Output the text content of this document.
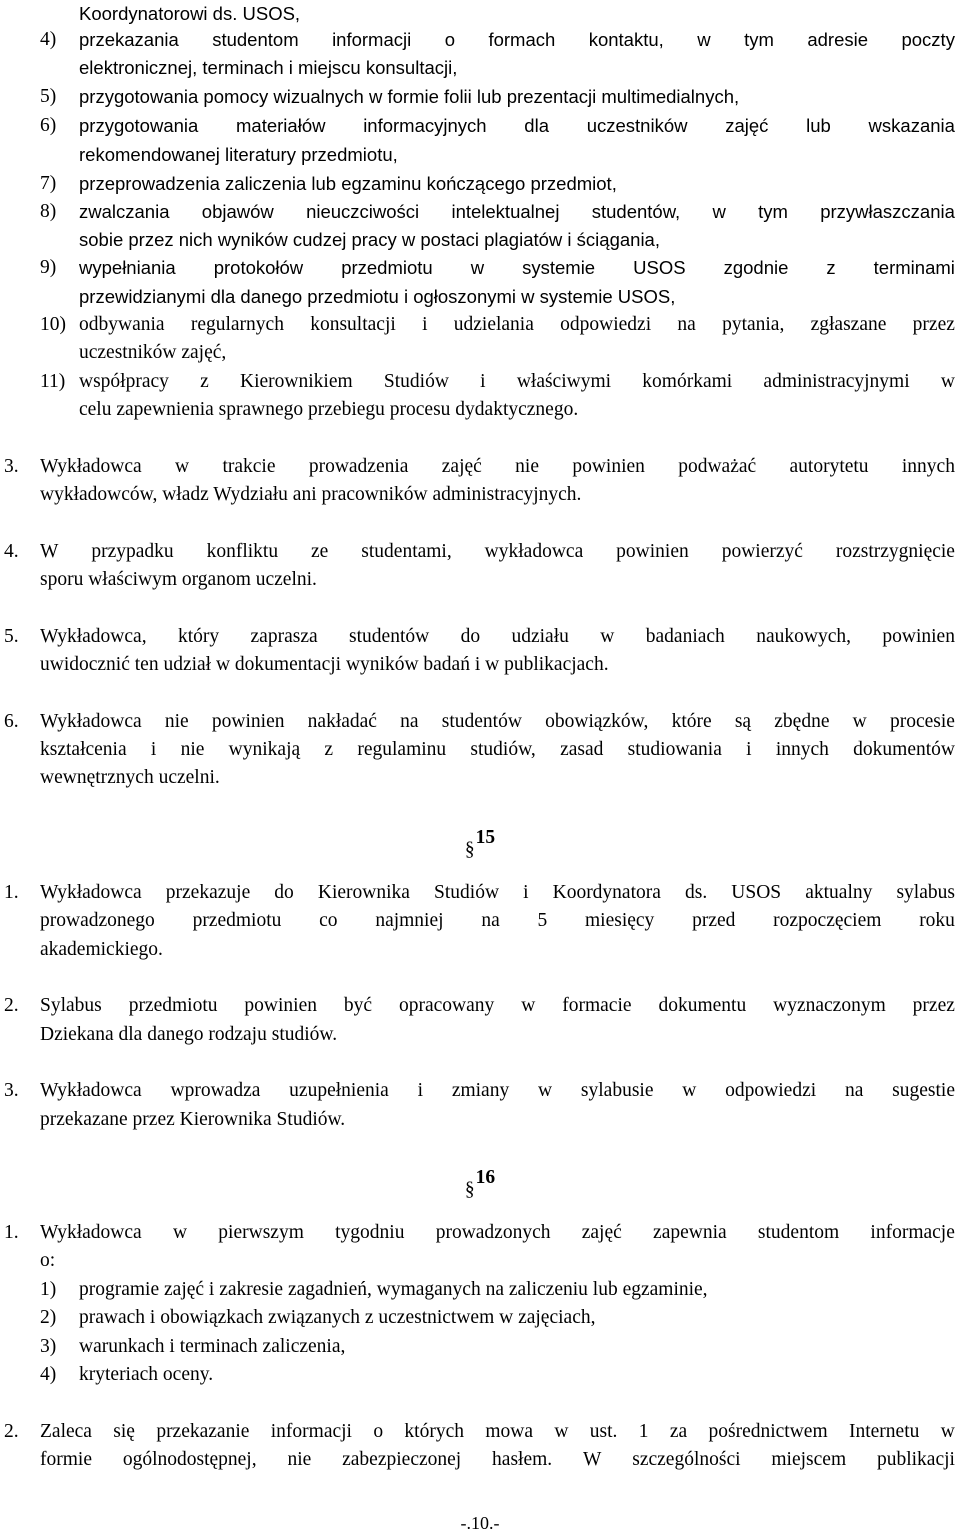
Koordynatorowi ds. USOS,
4) przekazania studentom informacji o formach kontaktu, w tym adresie poczty
elektronicznej, terminach i miejscu konsultacji,
5) przygotowania pomocy wizualnych w formie folii lub prezentacji multimedialnych,
6) przygotowania materiałów informacyjnych dla uczestników zajęć lub wskazania
rekomendowanej literatury przedmiotu,
7) przeprowadzenia zaliczenia lub egzaminu kończącego przedmiot,
8) zwalczania objawów nieuczciwości intelektualnej studentów, w tym przywłaszczania
sobie przez nich wyników cudzej pracy w postaci plagiatów i ściągania,
9) wypełniania protokołów przedmiotu w systemie USOS zgodnie z terminami
przewidzianymi dla danego przedmiotu i ogłoszonymi w systemie USOS,
10) odbywania regularnych konsultacji i udzielania odpowiedzi na pytania, zgłaszane przez
uczestników zajęć,
11) współpracy z Kierownikiem Studiów i właściwymi komórkami administracyjnymi w
celu zapewnienia sprawnego przebiegu procesu dydaktycznego.
3. Wykładowca w trakcie prowadzenia zajęć nie powinien podważać autorytetu innych
wykładowców, władz Wydziału ani pracowników administracyjnych.
4. W przypadku konfliktu ze studentami, wykładowca powinien powierzyć rozstrzygnięcie
sporu właściwym organom uczelni.
5. Wykładowca, który zaprasza studentów do udziału w badaniach naukowych, powinien
uwidocznić ten udział w dokumentacji wyników badań i w publikacjach.
6. Wykładowca nie powinien nakładać na studentów obowiązków, które są zbędne w procesie
kształcenia i nie wynikają z regulaminu studiów, zasad studiowania i innych dokumentów
wewnętrznych uczelni.
§15
1. Wykładowca przekazuje do Kierownika Studiów i Koordynatora ds. USOS aktualny sylabus
prowadzonego przedmiotu co najmniej na 5 miesięcy przed rozpoczęciem roku
akademickiego.
2. Sylabus przedmiotu powinien być opracowany w formacie dokumentu wyznaczonym przez
Dziekana dla danego rodzaju studiów.
3. Wykładowca wprowadza uzupełnienia i zmiany w sylabusie w odpowiedzi na sugestie
przekazane przez Kierownika Studiów.
§16
1. Wykładowca w pierwszym tygodniu prowadzonych zajęć zapewnia studentom informacje
o:
1) programie zajęć i zakresie zagadnień, wymaganych na zaliczeniu lub egzaminie,
2) prawach i obowiązkach związanych z uczestnictwem w zajęciach,
3) warunkach i terminach zaliczenia,
4) kryteriach oceny.
2. Zaleca się przekazanie informacji o których mowa w ust. 1 za pośrednictwem Internetu w
formie ogólnodostępnej, nie zabezpieczonej hasłem. W szczególności miejscem publikacji
-.10.-
